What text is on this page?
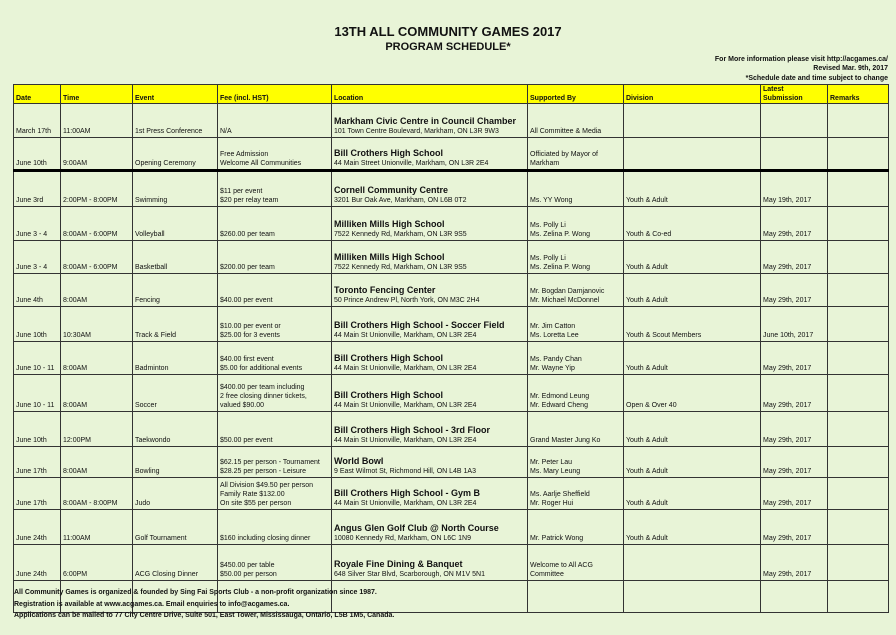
13TH ALL COMMUNITY GAMES 2017
PROGRAM SCHEDULE*
For More information please visit http://acgames.ca/
Revised Mar. 9th, 2017
*Schedule date and time subject to change
Date	Time	Event	Fee (incl. HST)	Location	Supported By	Division	Latest Submission	Remarks
March 17th	11:00AM	1st Press Conference	N/A	Markham Civic Centre in Council Chamber
101 Town Centre Boulevard, Markham, ON L3R 9W3	All Committee & Media			

June 10th	9:00AM	Opening Ceremony	Free Admission
Welcome All Communities	Bill Crothers High School
44 Main Street Unionville, Markham, ON L3R 2E4	Officiated by Mayor of Markham			

June 3rd	2:00PM - 8:00PM	Swimming	$11 per event
$20 per relay team	Cornell Community Centre
3201 Bur Oak Ave, Markham, ON L6B 0T2	Ms. YY Wong	Youth & Adult	May 19th, 2017	
June 3 - 4	8:00AM - 6:00PM	Volleyball	$260.00 per team	Milliken Mills High School
7522 Kennedy Rd, Markham, ON L3R 9S5	Ms. Polly Li
Ms. Zelina P. Wong	Youth & Co-ed	May 29th, 2017	
June 3 - 4	8:00AM - 6:00PM	Basketball	$200.00 per team	Milliken Mills High School
7522 Kennedy Rd, Markham, ON L3R 9S5	Ms. Polly Li
Ms. Zelina P. Wong	Youth & Adult	May 29th, 2017	
June 4th	8:00AM	Fencing	$40.00 per event	Toronto Fencing Center
50 Prince Andrew Pl, North York, ON M3C 2H4	Mr. Bogdan Damjanovic
Mr. Michael McDonnel	Youth & Adult	May 29th, 2017	
June 10th	10:30AM	Track & Field	$10.00 per event or
$25.00 for 3 events	Bill Crothers High School - Soccer Field
44 Main St Unionville, Markham, ON L3R 2E4	Mr. Jim Catton
Ms. Loretta Lee	Youth & Scout Members	June 10th, 2017	
June 10 - 11	8:00AM	Badminton	$40.00 first event
$5.00 for additional events	Bill Crothers High School
44 Main St Unionville, Markham, ON L3R 2E4	Ms. Pandy Chan
Mr. Wayne Yip	Youth & Adult	May 29th, 2017	
June 10 - 11	8:00AM	Soccer	$400.00 per team including
2 free closing dinner tickets,
valued $90.00	Bill Crothers High School
44 Main St Unionville, Markham, ON L3R 2E4	Mr. Edmond Leung
Mr. Edward Cheng	Open & Over 40	May 29th, 2017	
June 10th	12:00PM	Taekwondo	$50.00 per event	Bill Crothers High School - 3rd Floor
44 Main St Unionville, Markham, ON L3R 2E4	Grand Master Jung Ko	Youth & Adult	May 29th, 2017	
June 17th	8:00AM	Bowling	$62.15 per person - Tournament
$28.25 per person - Leisure	World Bowl
9 East Wilmot St, Richmond Hill, ON L4B 1A3	Mr. Peter Lau
Ms. Mary Leung	Youth & Adult	May 29th, 2017	
June 17th	8:00AM - 8:00PM	Judo	All Division $49.50 per person
Family Rate $132.00
On site $55 per person	Bill Crothers High School - Gym B
44 Main St Unionville, Markham, ON L3R 2E4	Ms. Aarlje Sheffield
Mr. Roger Hui	Youth & Adult	May 29th, 2017	
June 24th	11:00AM	Golf Tournament	$160 including closing dinner	Angus Glen Golf Club @ North Course
10080 Kennedy Rd, Markham, ON L6C 1N9	Mr. Patrick Wong	Youth & Adult	May 29th, 2017	
June 24th	6:00PM	ACG Closing Dinner	$450.00 per table
$50.00 per person	Royale Fine Dining & Banquet
648 Silver Star Blvd, Scarborough, ON M1V 5N1	Welcome to All ACG
Committee		May 29th, 2017	

All Community Games is organized & founded by Sing Fai Sports Club - a non-profit organization since 1987.
Registration is available at www.acgames.ca. Email enquiries to info@acgames.ca.
Applications can be mailed to 77 City Centre Drive, Suite 501, East Tower, Mississauga, Ontario, L5B 1M5, Canada.
